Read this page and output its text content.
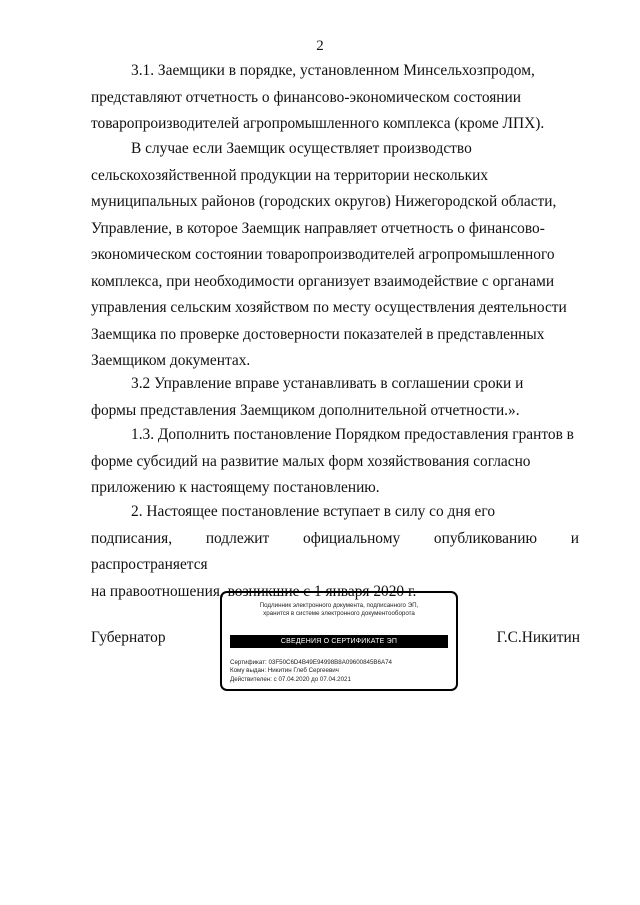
2

3.1. Заемщики в порядке, установленном Минсельхозпродом,
представляют отчетность о финансово-экономическом состоянии
товаропроизводителей агропромышленного комплекса (кроме ЛПХ).

В случае если Заемщик осуществляет производство
сельскохозяйственной продукции на территории нескольких
муниципальных районов (городских округов) Нижегородской области,
Управление, в которое Заемщик направляет отчетность о финансово-
экономическом состоянии товаропроизводителей агропромышленного
комплекса, при необходимости организует взаимодействие с органами
управления сельским хозяйством по месту осуществления деятельности
Заемщика по проверке достоверности показателей в представленных
Заемщиком документах.

3.2 Управление вправе устанавливать в соглашении сроки и
формы представления Заемщиком дополнительной отчетности.».

1.3. Дополнить постановление Порядком предоставления грантов в
форме субсидий на развитие малых форм хозяйствования согласно
приложению к настоящему постановлению.

2. Настоящее постановление вступает в силу со дня его
подписания, подлежит официальному опубликованию и распространяется
на правоотношения, возникшие с 1 января 2020 г.

Губернатор	Г.С.Никитин
Подлинник электронного документа, подписанного ЭП,
хранится в системе электронного документооборота
СВЕДЕНИЯ О СЕРТИФИКАТЕ ЭП
Сертификат: 03F50C6D4B49E94998B8A09600845B6A74
Кому выдан: Никитин Глеб Сергеевич
Действителен: с 07.04.2020 до 07.04.2021
